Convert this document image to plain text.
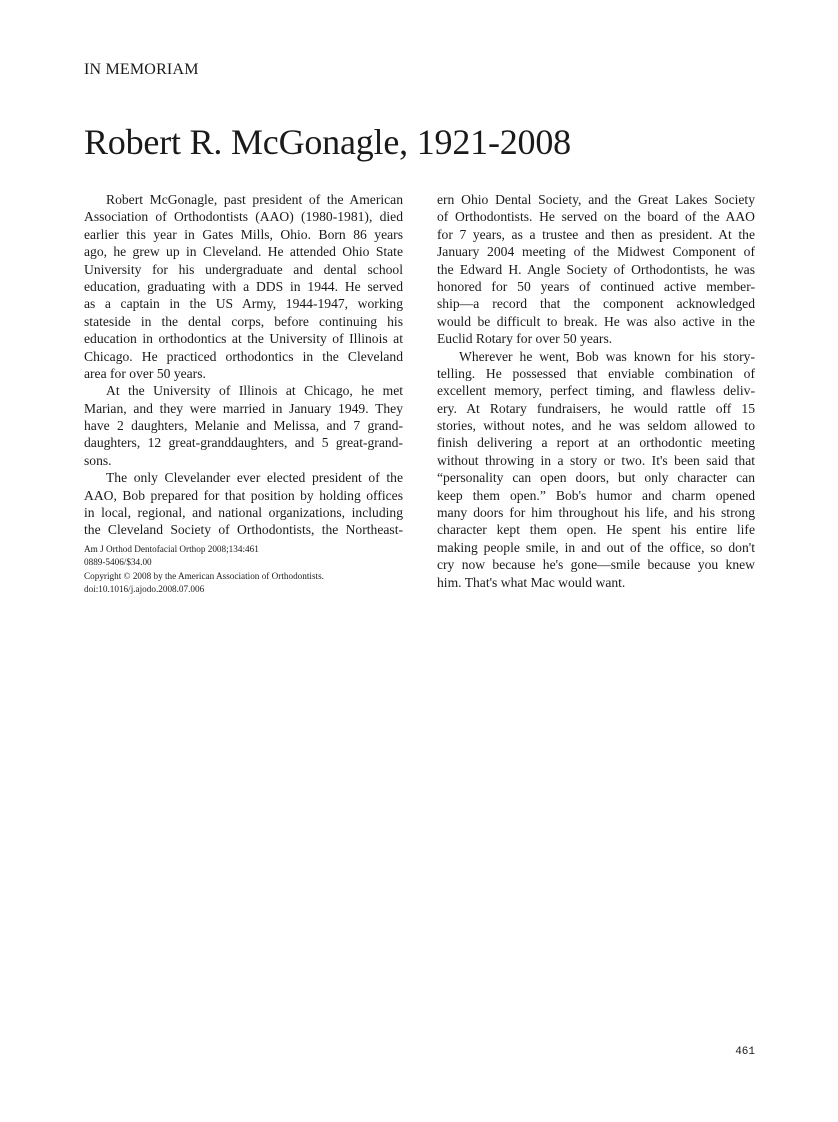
IN MEMORIAM
Robert R. McGonagle, 1921-2008
Robert McGonagle, past president of the American
Association of Orthodontists (AAO) (1980-1981), died
earlier this year in Gates Mills, Ohio. Born 86 years
ago, he grew up in Cleveland. He attended Ohio State
University for his undergraduate and dental school
education, graduating with a DDS in 1944. He served
as a captain in the US Army, 1944-1947, working
stateside in the dental corps, before continuing his
education in orthodontics at the University of Illinois at
Chicago. He practiced orthodontics in the Cleveland
area for over 50 years.
At the University of Illinois at Chicago, he met
Marian, and they were married in January 1949. They
have 2 daughters, Melanie and Melissa, and 7 grand-
daughters, 12 great-granddaughters, and 5 great-grand-
sons.
The only Clevelander ever elected president of the
AAO, Bob prepared for that position by holding offices
in local, regional, and national organizations, including
the Cleveland Society of Orthodontists, the Northeast-
ern Ohio Dental Society, and the Great Lakes Society
of Orthodontists. He served on the board of the AAO
for 7 years, as a trustee and then as president. At the
January 2004 meeting of the Midwest Component of
the Edward H. Angle Society of Orthodontists, he was
honored for 50 years of continued active member-
ship—a record that the component acknowledged
would be difficult to break. He was also active in the
Euclid Rotary for over 50 years.
Wherever he went, Bob was known for his story-
telling. He possessed that enviable combination of
excellent memory, perfect timing, and flawless deliv-
ery. At Rotary fundraisers, he would rattle off 15
stories, without notes, and he was seldom allowed to
finish delivering a report at an orthodontic meeting
without throwing in a story or two. It's been said that
“personality can open doors, but only character can
keep them open.” Bob's humor and charm opened
many doors for him throughout his life, and his strong
character kept them open. He spent his entire life
making people smile, in and out of the office, so don't
cry now because he's gone—smile because you knew
him. That's what Mac would want.
Am J Orthod Dentofacial Orthop 2008;134:461
0889-5406/$34.00
Copyright © 2008 by the American Association of Orthodontists.
doi:10.1016/j.ajodo.2008.07.006
461
